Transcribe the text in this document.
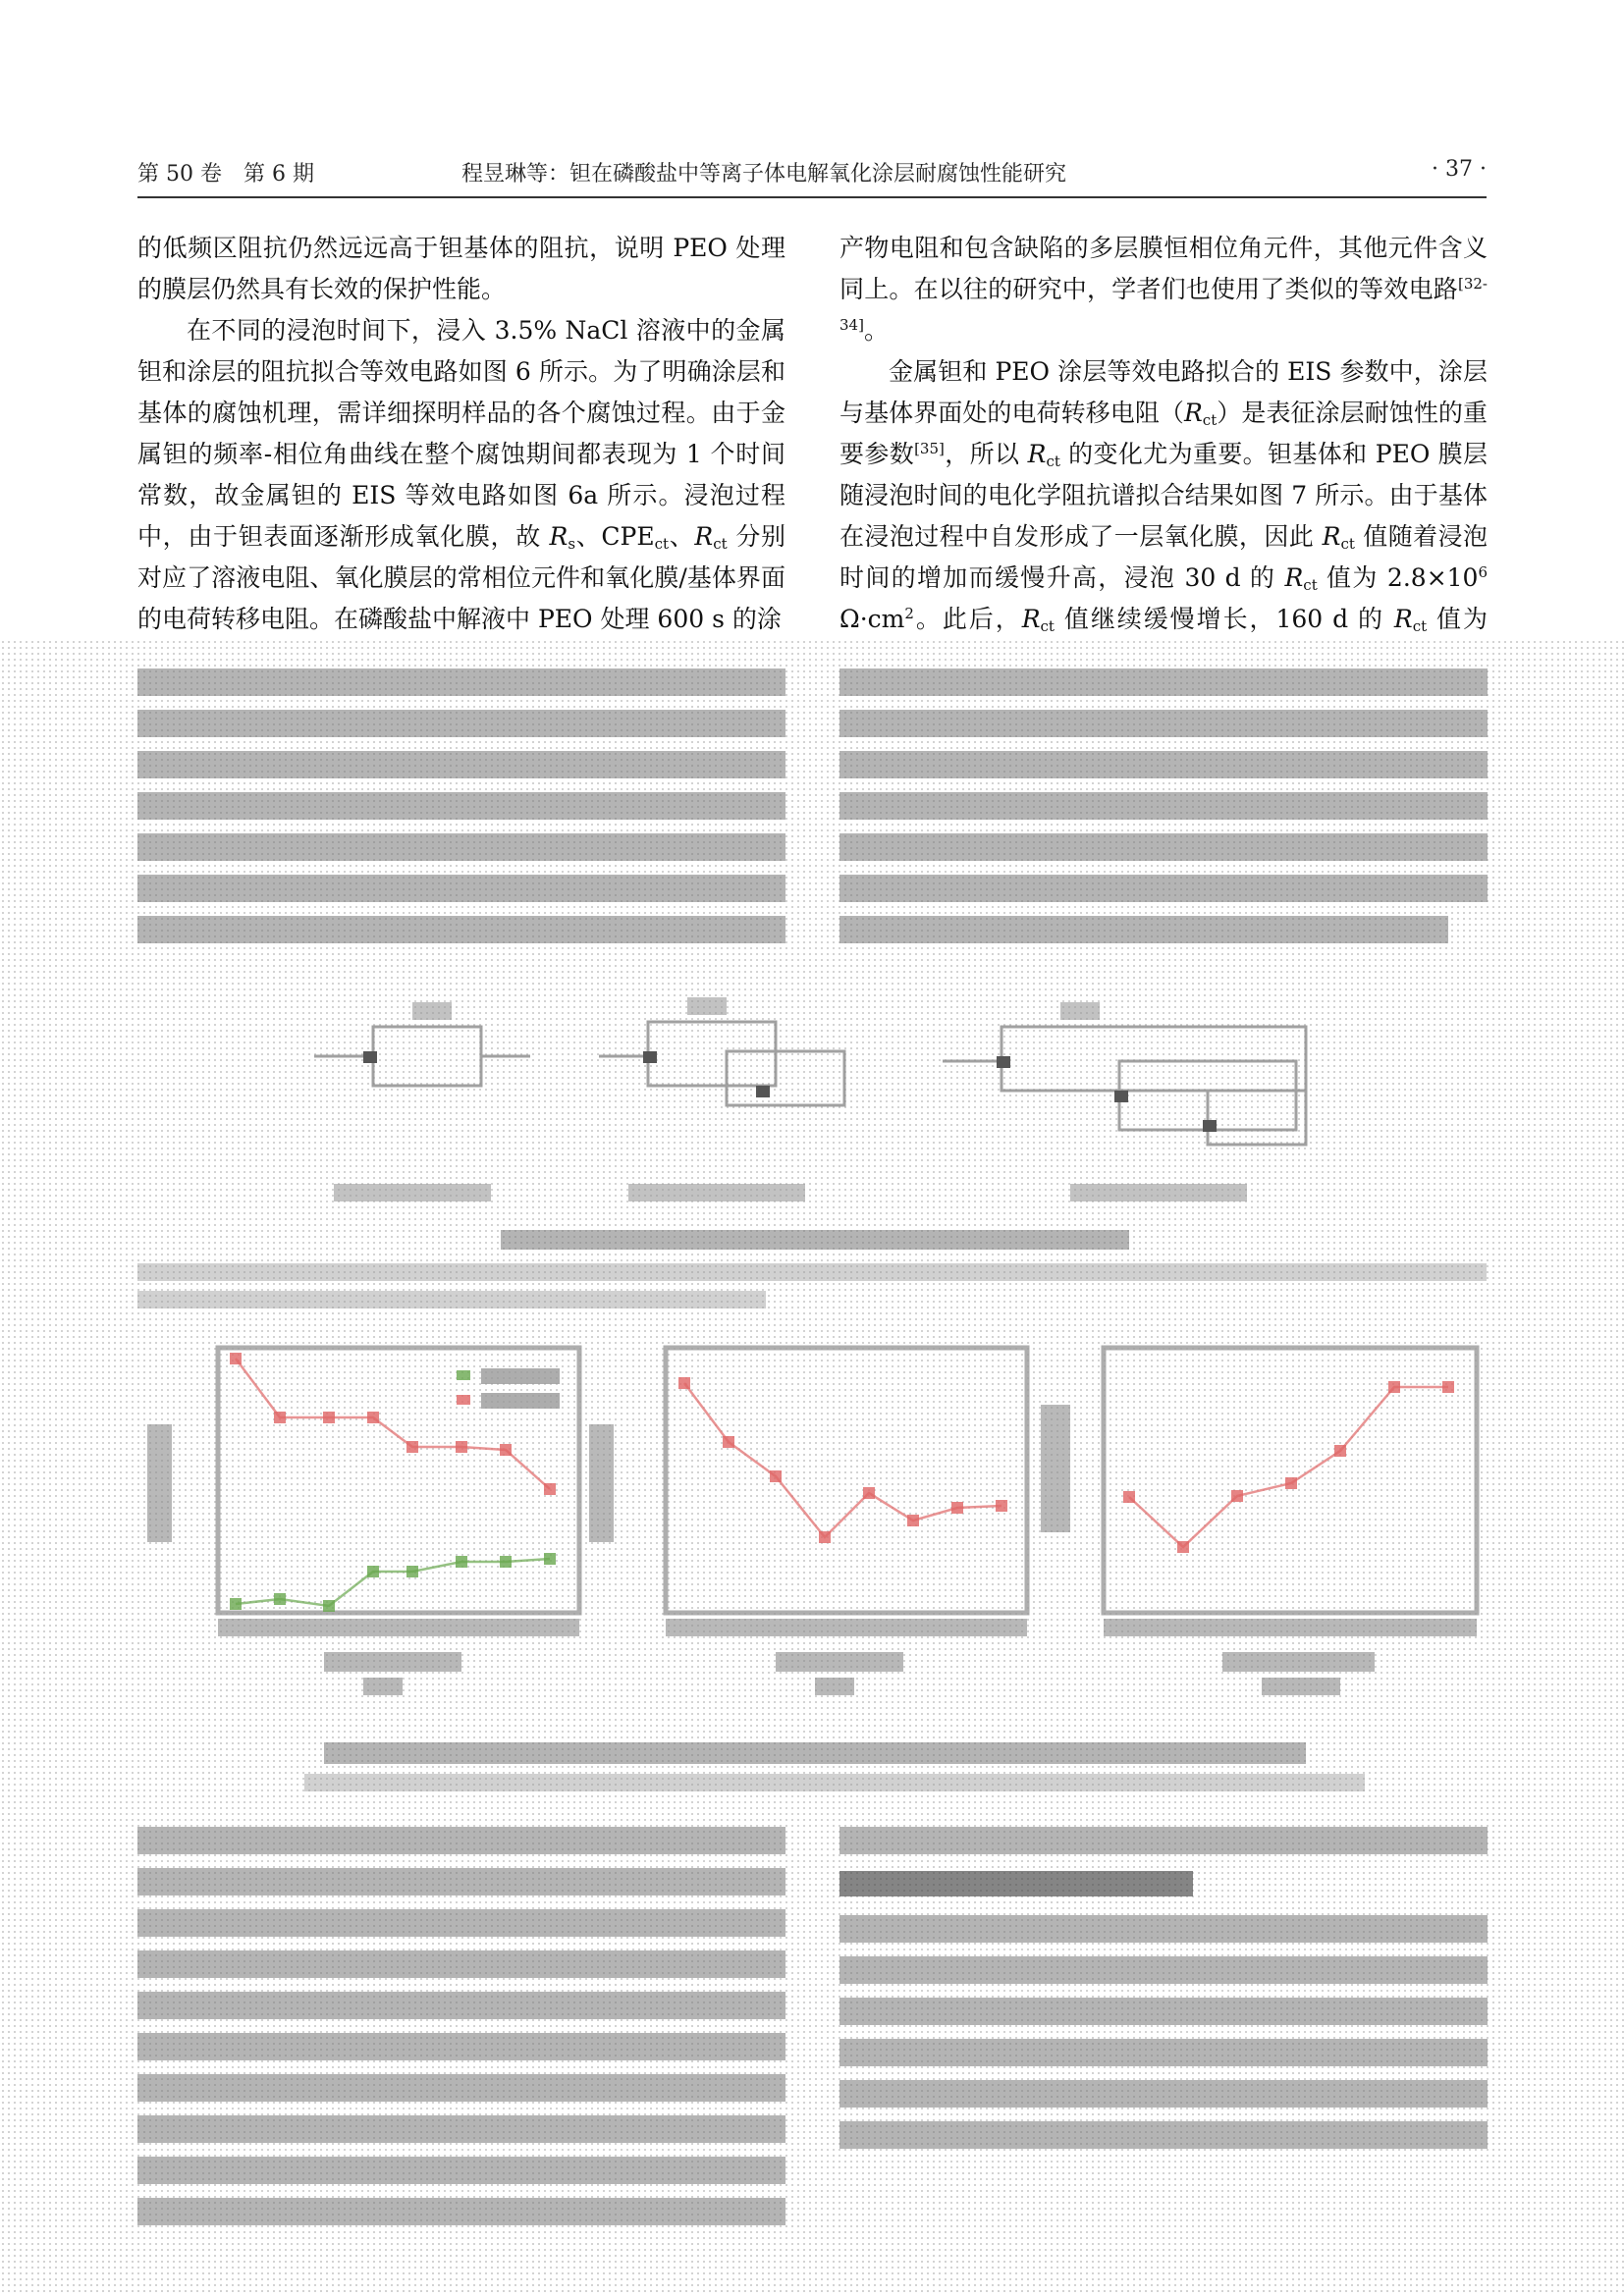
第 50 卷　第 6 期	程昱琳等：钽在磷酸盐中等离子体电解氧化涂层耐腐蚀性能研究	· 37 ·

的低频区阻抗仍然远远高于钽基体的阻抗，说明 PEO 处理的膜层仍然具有长效的保护性能。

在不同的浸泡时间下，浸入 3.5% NaCl 溶液中的金属钽和涂层的阻抗拟合等效电路如图 6 所示。为了明确涂层和基体的腐蚀机理，需详细探明样品的各个腐蚀过程。由于金属钽的频率-相位角曲线在整个腐蚀期间都表现为 1 个时间常数，故金属钽的 EIS 等效电路如图 6a 所示。浸泡过程中，由于钽表面逐渐形成氧化膜，故 $R_s$、$CPE_{ct}$、$R_{ct}$ 分别对应了溶液电阻、氧化膜层的常相位元件和氧化膜/基体界面的电荷转移电阻。在磷酸盐中解液中 PEO 处理 600 s 的涂

产物电阻和包含缺陷的多层膜恒相位角元件，其他元件含义同上。在以往的研究中，学者们也使用了类似的等效电路[32-34]。

金属钽和 PEO 涂层等效电路拟合的 EIS 参数中，涂层与基体界面处的电荷转移电阻$(R_{ct})$是表征涂层耐蚀性的重要参数[35]，所以 $R_{ct}$ 的变化尤为重要。钽基体和 PEO 膜层随浸泡时间的电化学阻抗谱拟合结果如图 7 所示。由于基体在浸泡过程中自发形成了一层氧化膜，因此 $R_{ct}$ 值随着浸泡时间的增加而缓慢升高，浸泡 30 d 的 $R_{ct}$ 值为 $2.8\times 10^6$ $\Omega\cdot cm^2$。此后，$R_{ct}$ 值继续缓慢增长，160 d 的 $R_{ct}$ 值为
